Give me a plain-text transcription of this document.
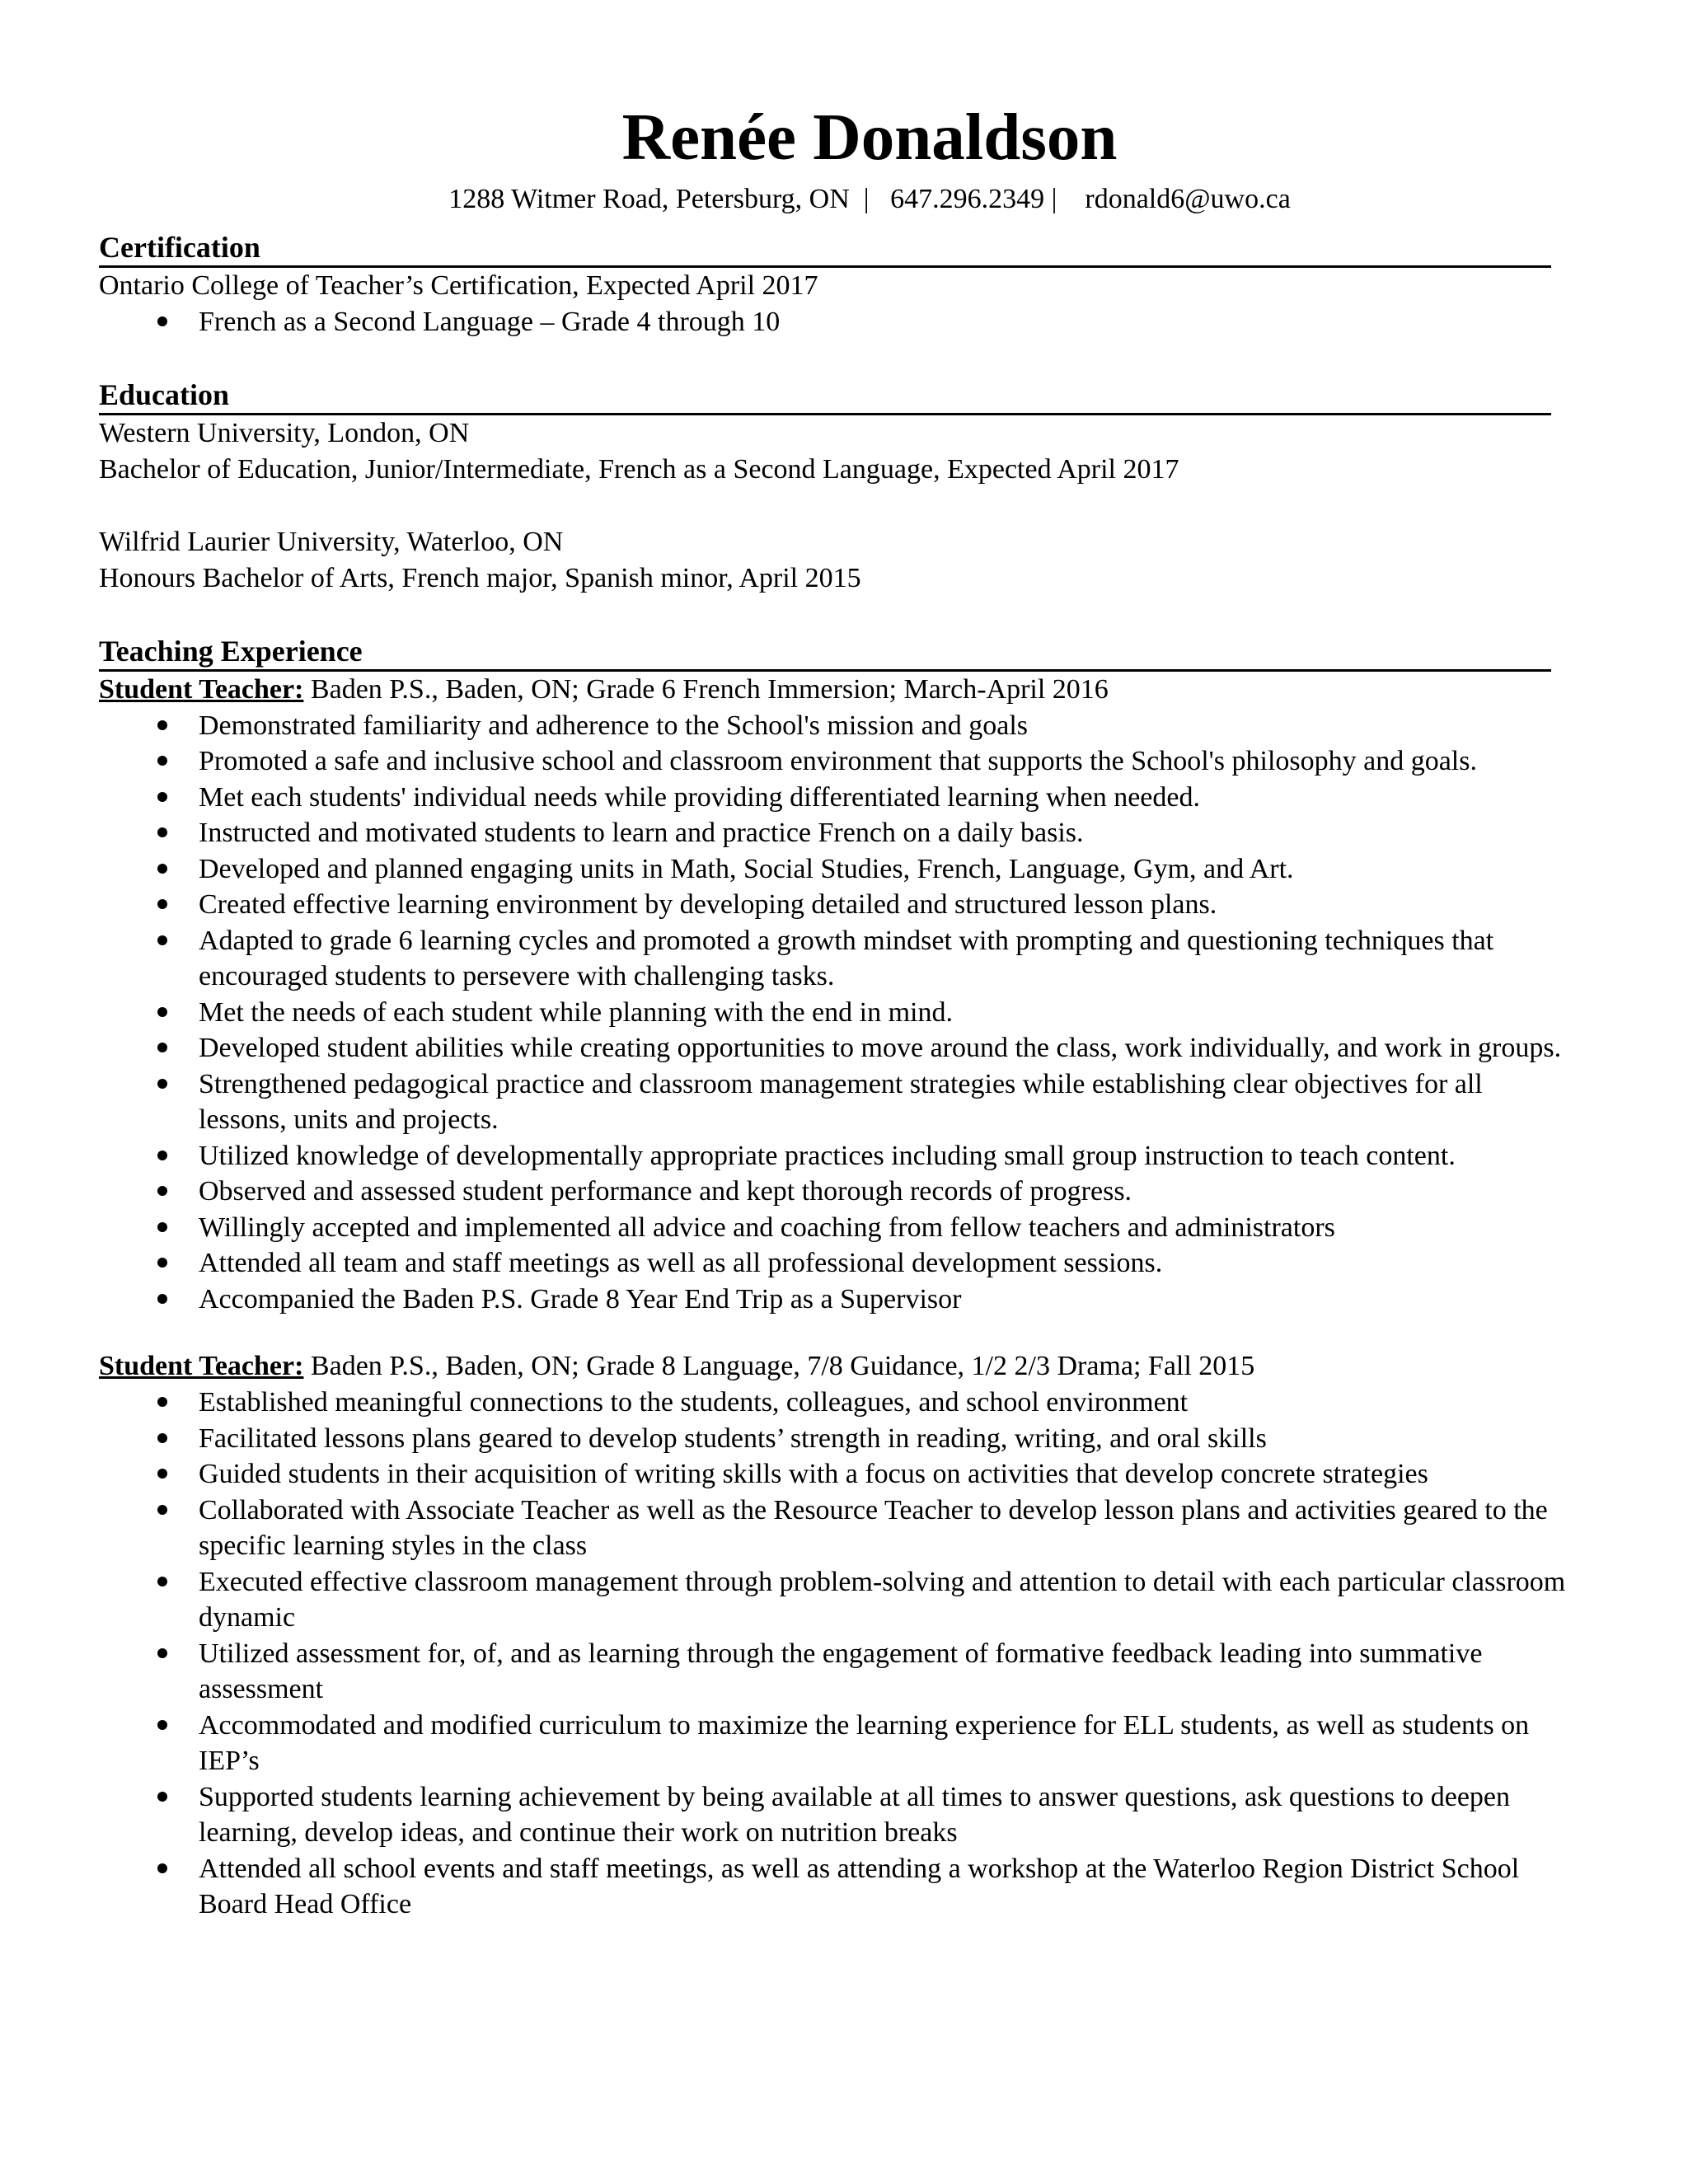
Renée Donaldson

1288 Witmer Road, Petersburg, ON  |   647.296.2349 |    rdonald6@uwo.ca

Certification

Ontario College of Teacher’s Certification, Expected April 2017

French as a Second Language – Grade 4 through 10
Education

Western University, London, ON

Bachelor of Education, Junior/Intermediate, French as a Second Language, Expected April 2017

Wilfrid Laurier University, Waterloo, ON

Honours Bachelor of Arts, French major, Spanish minor, April 2015

Teaching Experience

Student Teacher: Baden P.S., Baden, ON; Grade 6 French Immersion; March-April 2016

Demonstrated familiarity and adherence to the School's mission and goals
Promoted a safe and inclusive school and classroom environment that supports the School's philosophy and goals.
Met each students' individual needs while providing differentiated learning when needed.
Instructed and motivated students to learn and practice French on a daily basis.
Developed and planned engaging units in Math, Social Studies, French, Language, Gym, and Art.
Created effective learning environment by developing detailed and structured lesson plans.
Adapted to grade 6 learning cycles and promoted a growth mindset with prompting and questioning techniques that encouraged students to persevere with challenging tasks.
Met the needs of each student while planning with the end in mind.
Developed student abilities while creating opportunities to move around the class, work individually, and work in groups.
Strengthened pedagogical practice and classroom management strategies while establishing clear objectives for all lessons, units and projects.
Utilized knowledge of developmentally appropriate practices including small group instruction to teach content.
Observed and assessed student performance and kept thorough records of progress.
Willingly accepted and implemented all advice and coaching from fellow teachers and administrators
Attended all team and staff meetings as well as all professional development sessions.
Accompanied the Baden P.S. Grade 8 Year End Trip as a Supervisor

Student Teacher: Baden P.S., Baden, ON; Grade 8 Language, 7/8 Guidance, 1/2 2/3 Drama; Fall 2015

Established meaningful connections to the students, colleagues, and school environment
Facilitated lessons plans geared to develop students’ strength in reading, writing, and oral skills
Guided students in their acquisition of writing skills with a focus on activities that develop concrete strategies
Collaborated with Associate Teacher as well as the Resource Teacher to develop lesson plans and activities geared to the specific learning styles in the class
Executed effective classroom management through problem-solving and attention to detail with each particular classroom dynamic
Utilized assessment for, of, and as learning through the engagement of formative feedback leading into summative assessment
Accommodated and modified curriculum to maximize the learning experience for ELL students, as well as students on IEP’s
Supported students learning achievement by being available at all times to answer questions, ask questions to deepen learning, develop ideas, and continue their work on nutrition breaks
Attended all school events and staff meetings, as well as attending a workshop at the Waterloo Region District School Board Head Office
